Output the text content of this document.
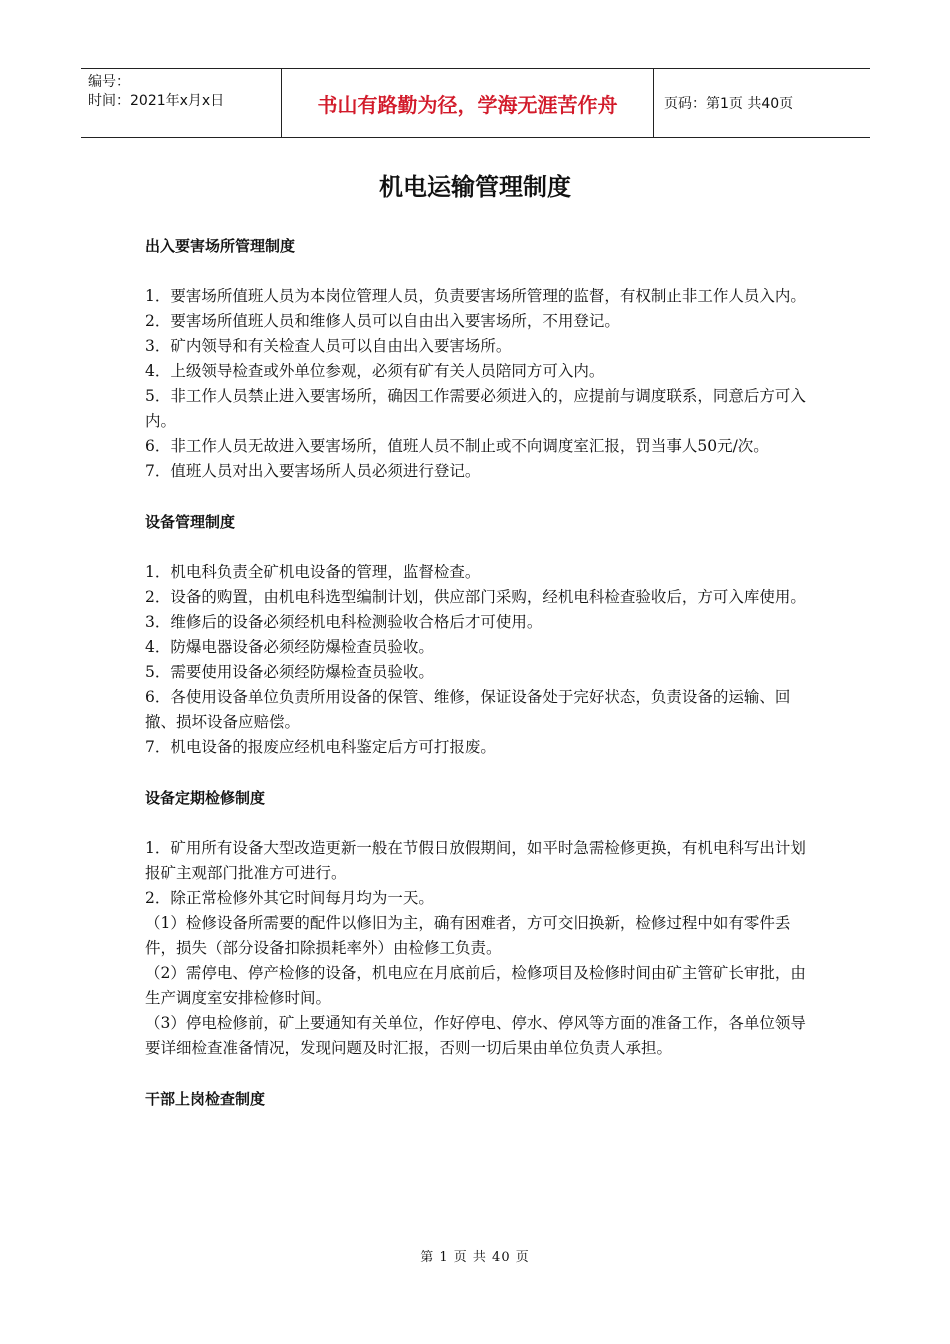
编号：
时间：2021年x月x日	书山有路勤为径，学海无涯苦作舟	页码：第1页 共40页
机电运输管理制度
出入要害场所管理制度

1．要害场所值班人员为本岗位管理人员，负责要害场所管理的监督，有权制止非工作人员入内。

2．要害场所值班人员和维修人员可以自由出入要害场所，不用登记。

3．矿内领导和有关检查人员可以自由出入要害场所。

4．上级领导检查或外单位参观，必须有矿有关人员陪同方可入内。

5．非工作人员禁止进入要害场所，确因工作需要必须进入的，应提前与调度联系，同意后方可入内。

6．非工作人员无故进入要害场所，值班人员不制止或不向调度室汇报，罚当事人50元/次。

7．值班人员对出入要害场所人员必须进行登记。

设备管理制度

1．机电科负责全矿机电设备的管理，监督检查。

2．设备的购置，由机电科选型编制计划，供应部门采购，经机电科检查验收后，方可入库使用。

3．维修后的设备必须经机电科检测验收合格后才可使用。

4．防爆电器设备必须经防爆检查员验收。

5．需要使用设备必须经防爆检查员验收。

6．各使用设备单位负责所用设备的保管、维修，保证设备处于完好状态，负责设备的运输、回撤、损坏设备应赔偿。

7．机电设备的报废应经机电科鉴定后方可打报废。

设备定期检修制度

1．矿用所有设备大型改造更新一般在节假日放假期间，如平时急需检修更换，有机电科写出计划报矿主观部门批准方可进行。

2．除正常检修外其它时间每月均为一天。

（1）检修设备所需要的配件以修旧为主，确有困难者，方可交旧换新，检修过程中如有零件丢件，损失（部分设备扣除损耗率外）由检修工负责。

（2）需停电、停产检修的设备，机电应在月底前后，检修项目及检修时间由矿主管矿长审批，由生产调度室安排检修时间。

（3）停电检修前，矿上要通知有关单位，作好停电、停水、停风等方面的准备工作，各单位领导要详细检查准备情况，发现问题及时汇报，否则一切后果由单位负责人承担。

干部上岗检查制度
第 1 页 共 40 页
